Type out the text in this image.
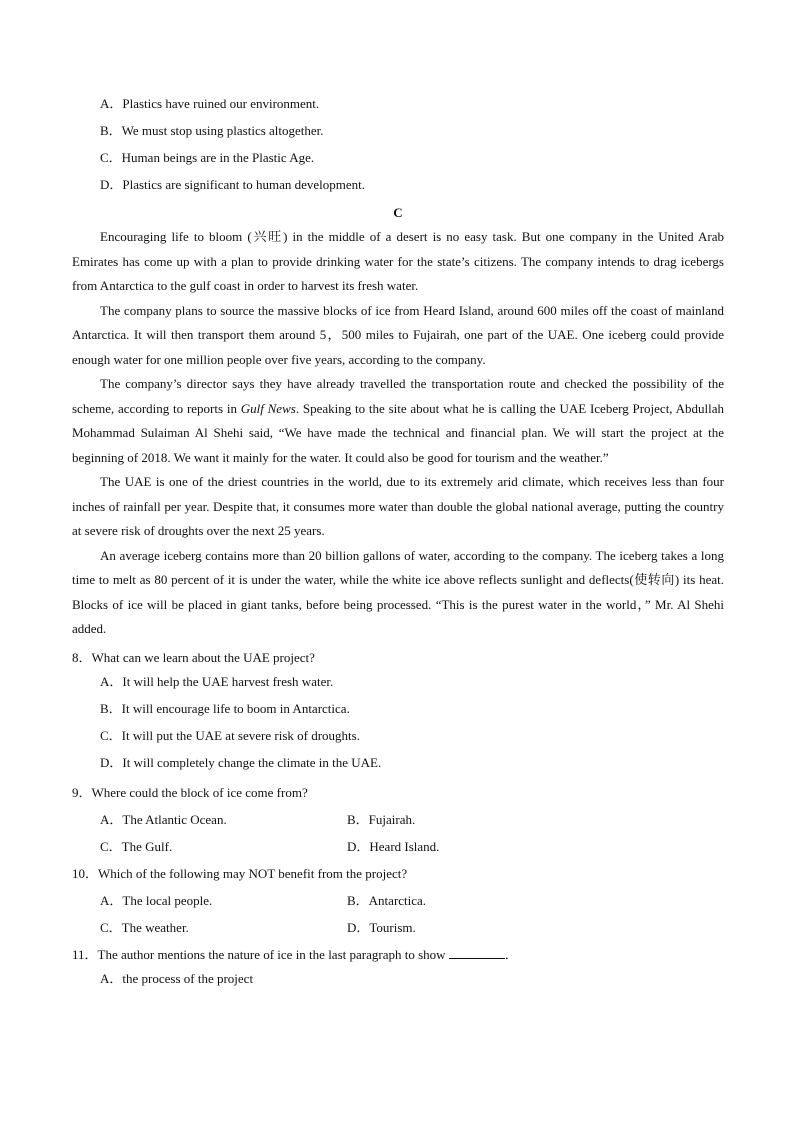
A．Plastics have ruined our environment.
B．We must stop using plastics altogether.
C．Human beings are in the Plastic Age.
D．Plastics are significant to human development.
C

Encouraging life to bloom (兴旺) in the middle of a desert is no easy task. But one company in the United Arab Emirates has come up with a plan to provide drinking water for the state’s citizens. The company intends to drag icebergs from Antarctica to the gulf coast in order to harvest its fresh water.

The company plans to source the massive blocks of ice from Heard Island, around 600 miles off the coast of mainland Antarctica. It will then transport them around 5，500 miles to Fujairah, one part of the UAE. One iceberg could provide enough water for one million people over five years, according to the company.

The company’s director says they have already travelled the transportation route and checked the possibility of the scheme, according to reports in Gulf News. Speaking to the site about what he is calling the UAE Iceberg Project, Abdullah Mohammad Sulaiman Al Shehi said, “We have made the technical and financial plan. We will start the project at the beginning of 2018. We want it mainly for the water. It could also be good for tourism and the weather.”

The UAE is one of the driest countries in the world, due to its extremely arid climate, which receives less than four inches of rainfall per year. Despite that, it consumes more water than double the global national average, putting the country at severe risk of droughts over the next 25 years.

An average iceberg contains more than 20 billion gallons of water, according to the company. The iceberg takes a long time to melt as 80 percent of it is under the water, while the white ice above reflects sunlight and deflects(使转向) its heat. Blocks of ice will be placed in giant tanks, before being processed. “This is the purest water in the world，” Mr. Al Shehi added.

8．What can we learn about the UAE project?
A．It will help the UAE harvest fresh water.
B．It will encourage life to boom in Antarctica.
C．It will put the UAE at severe risk of droughts.
D．It will completely change the climate in the UAE.
9．Where could the block of ice come from?
A．The Atlantic Ocean.	B．Fujairah.
C．The Gulf.	D．Heard Island.
10．Which of the following may NOT benefit from the project?
A．The local people.	B．Antarctica.
C．The weather.	D．Tourism.
11．The author mentions the nature of ice in the last paragraph to show	．
A．the process of the project
